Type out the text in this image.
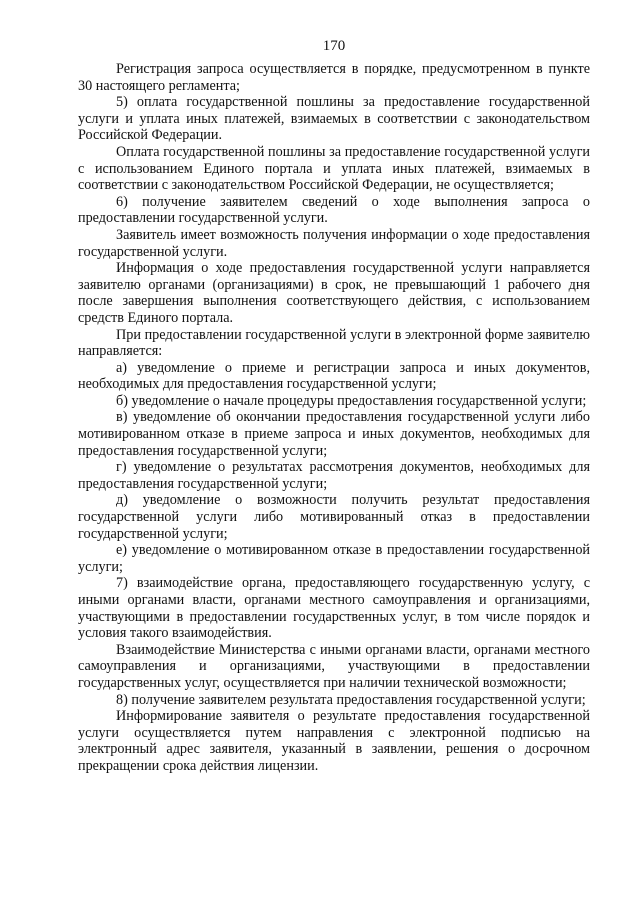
170

Регистрация запроса осуществляется в порядке, предусмотренном в пункте 30 настоящего регламента;

5) оплата государственной пошлины за предоставление государственной услуги и уплата иных платежей, взимаемых в соответствии с законодательством Российской Федерации.

Оплата государственной пошлины за предоставление государственной услуги с использованием Единого портала и уплата иных платежей, взимаемых в соответствии с законодательством Российской Федерации, не осуществляется;

6) получение заявителем сведений о ходе выполнения запроса о предоставлении государственной услуги.

Заявитель имеет возможность получения информации о ходе предоставления государственной услуги.

Информация о ходе предоставления государственной услуги направляется заявителю органами (организациями) в срок, не превышающий 1 рабочего дня после завершения выполнения соответствующего действия, с использованием средств Единого портала.

При предоставлении государственной услуги в электронной форме заявителю направляется:

а) уведомление о приеме и регистрации запроса и иных документов, необходимых для предоставления государственной услуги;

б) уведомление о начале процедуры предоставления государственной услуги;

в) уведомление об окончании предоставления государственной услуги либо мотивированном отказе в приеме запроса и иных документов, необходимых для предоставления государственной услуги;

г) уведомление о результатах рассмотрения документов, необходимых для предоставления государственной услуги;

д) уведомление о возможности получить результат предоставления государственной услуги либо мотивированный отказ в предоставлении государственной услуги;

е) уведомление о мотивированном отказе в предоставлении государственной услуги;

7) взаимодействие органа, предоставляющего государственную услугу, с иными органами власти, органами местного самоуправления и организациями, участвующими в предоставлении государственных услуг, в том числе порядок и условия такого взаимодействия.

Взаимодействие Министерства с иными органами власти, органами местного самоуправления и организациями, участвующими в предоставлении государственных услуг, осуществляется при наличии технической возможности;

8) получение заявителем результата предоставления государственной услуги;

Информирование заявителя о результате предоставления государственной услуги осуществляется путем направления с электронной подписью на электронный адрес заявителя, указанный в заявлении, решения о досрочном прекращении срока действия лицензии.
